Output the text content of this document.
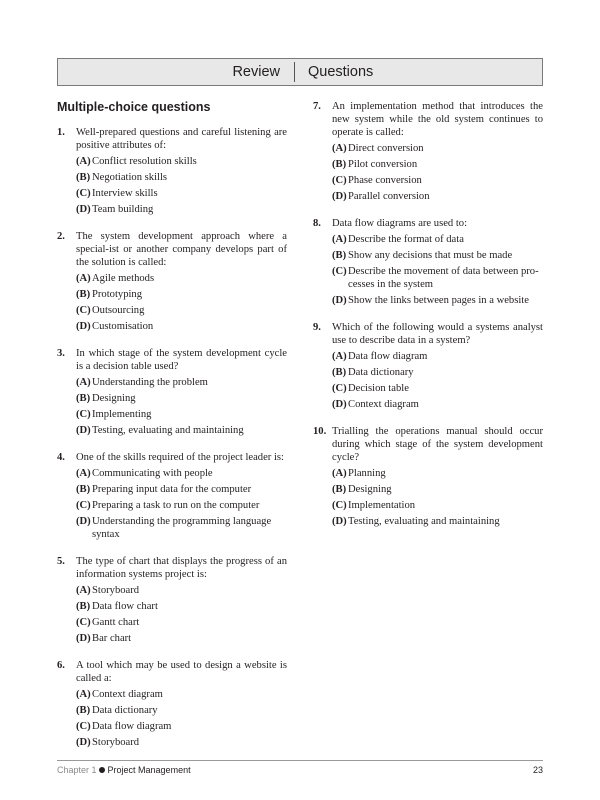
Review	Questions
Multiple-choice questions
1. Well-prepared questions and careful listening are positive attributes of:
(A) Conflict resolution skills
(B) Negotiation skills
(C) Interview skills
(D) Team building
2. The system development approach where a special-ist or another company develops part of the solution is called:
(A) Agile methods
(B) Prototyping
(C) Outsourcing
(D) Customisation
3. In which stage of the system development cycle is a decision table used?
(A) Understanding the problem
(B) Designing
(C) Implementing
(D) Testing, evaluating and maintaining
4. One of the skills required of the project leader is:
(A) Communicating with people
(B) Preparing input data for the computer
(C) Preparing a task to run on the computer
(D) Understanding the programming language syntax
5. The type of chart that displays the progress of an information systems project is:
(A) Storyboard
(B) Data flow chart
(C) Gantt chart
(D) Bar chart
6. A tool which may be used to design a website is called a:
(A) Context diagram
(B) Data dictionary
(C) Data flow diagram
(D) Storyboard
7. An implementation method that introduces the new system while the old system continues to operate is called:
(A) Direct conversion
(B) Pilot conversion
(C) Phase conversion
(D) Parallel conversion
8. Data flow diagrams are used to:
(A) Describe the format of data
(B) Show any decisions that must be made
(C) Describe the movement of data between pro-cesses in the system
(D) Show the links between pages in a website
9. Which of the following would a systems analyst use to describe data in a system?
(A) Data flow diagram
(B) Data dictionary
(C) Decision table
(D) Context diagram
10. Trialling the operations manual should occur during which stage of the system development cycle?
(A) Planning
(B) Designing
(C) Implementation
(D) Testing, evaluating and maintaining
Chapter 1 Project Management	23
